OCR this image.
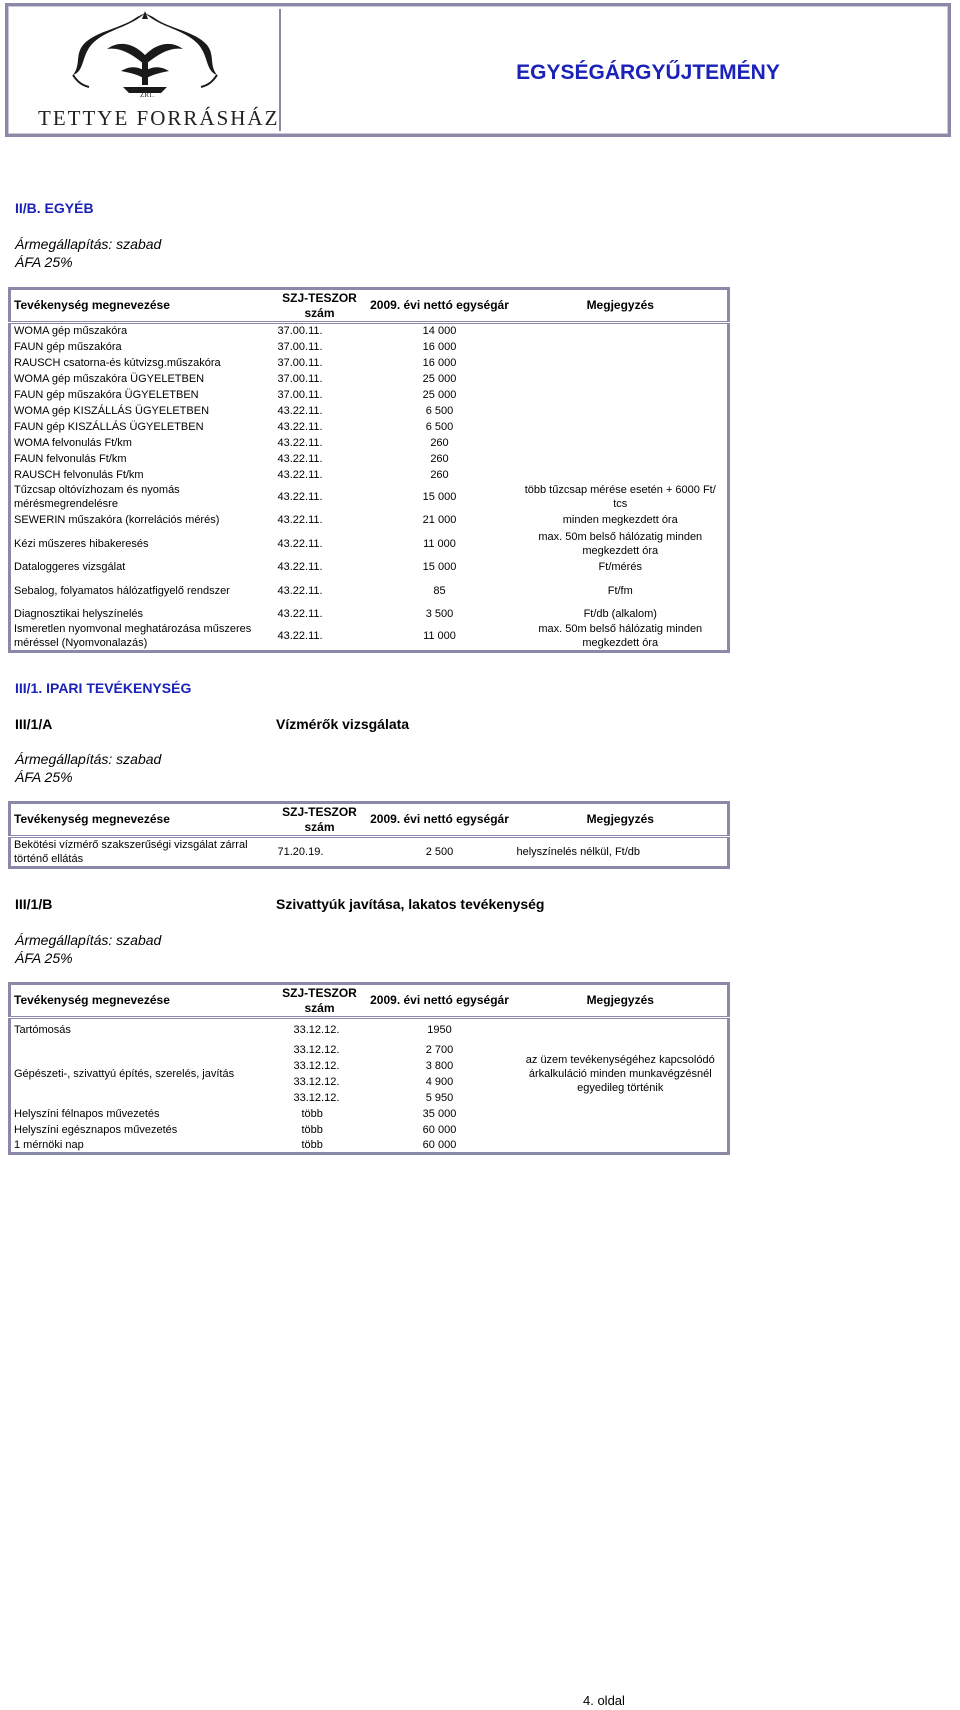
ZRT.
TETTYE FORRÁSHÁZ
EGYSÉGÁRGYŰJTEMÉNY
II/B. EGYÉB
Ármegállapítás: szabad
ÁFA 25%
Tevékenység megnevezése	SZJ-TESZOR szám	2009. évi nettó egységár	Megjegyzés
WOMA gép műszakóra	37.00.11.	14 000	
FAUN gép műszakóra	37.00.11.	16 000	
RAUSCH csatorna-és kútvizsg.műszakóra	37.00.11.	16 000	
WOMA gép műszakóra ÜGYELETBEN	37.00.11.	25 000	
FAUN gép műszakóra ÜGYELETBEN	37.00.11.	25 000	
WOMA gép KISZÁLLÁS ÜGYELETBEN	43.22.11.	6 500	
FAUN gép KISZÁLLÁS ÜGYELETBEN	43.22.11.	6 500	
WOMA felvonulás Ft/km	43.22.11.	260	
FAUN felvonulás Ft/km	43.22.11.	260	
RAUSCH felvonulás Ft/km	43.22.11.	260	
Tűzcsap oltóvízhozam és nyomás mérésmegrendelésre	43.22.11.	15 000	több tűzcsap mérése esetén + 6000 Ft/ tcs
SEWERIN műszakóra (korrelációs mérés)	43.22.11.	21 000	minden megkezdett óra
Kézi műszeres hibakeresés	43.22.11.	11 000	max. 50m belső hálózatig minden megkezdett óra
Dataloggeres vizsgálat	43.22.11.	15 000	Ft/mérés
Sebalog, folyamatos hálózatfigyelő rendszer	43.22.11.	85	Ft/fm
Diagnosztikai helyszínelés	43.22.11.	3 500	Ft/db (alkalom)
Ismeretlen nyomvonal meghatározása műszeres méréssel (Nyomvonalazás)	43.22.11.	11 000	max. 50m belső hálózatig minden megkezdett óra
III/1. IPARI TEVÉKENYSÉG
III/1/A	Vízmérők vizsgálata
Ármegállapítás: szabad
ÁFA 25%
Tevékenység megnevezése	SZJ-TESZOR szám	2009. évi nettó egységár	Megjegyzés
Bekötési vízmérő szakszerűségi vizsgálat zárral történő ellátás	71.20.19.	2 500	helyszínelés nélkül, Ft/db
III/1/B	Szivattyúk javítása, lakatos tevékenység
Ármegállapítás: szabad
ÁFA 25%
Tevékenység megnevezése	SZJ-TESZOR szám	2009. évi nettó egységár	Megjegyzés
Tartómosás	33.12.12.	1950	
Gépészeti-, szivattyú építés, szerelés, javítás	33.12.12.	2 700	az üzem tevékenységéhez kapcsolódó árkalkuláció minden munkavégzésnél egyedileg történik
	33.12.12.	3 800	
	33.12.12.	4 900	
	33.12.12.	5 950	
Helyszíni félnapos művezetés	több	35 000	
Helyszíni egésznapos művezetés	több	60 000	
1 mérnöki nap	több	60 000	
4. oldal
